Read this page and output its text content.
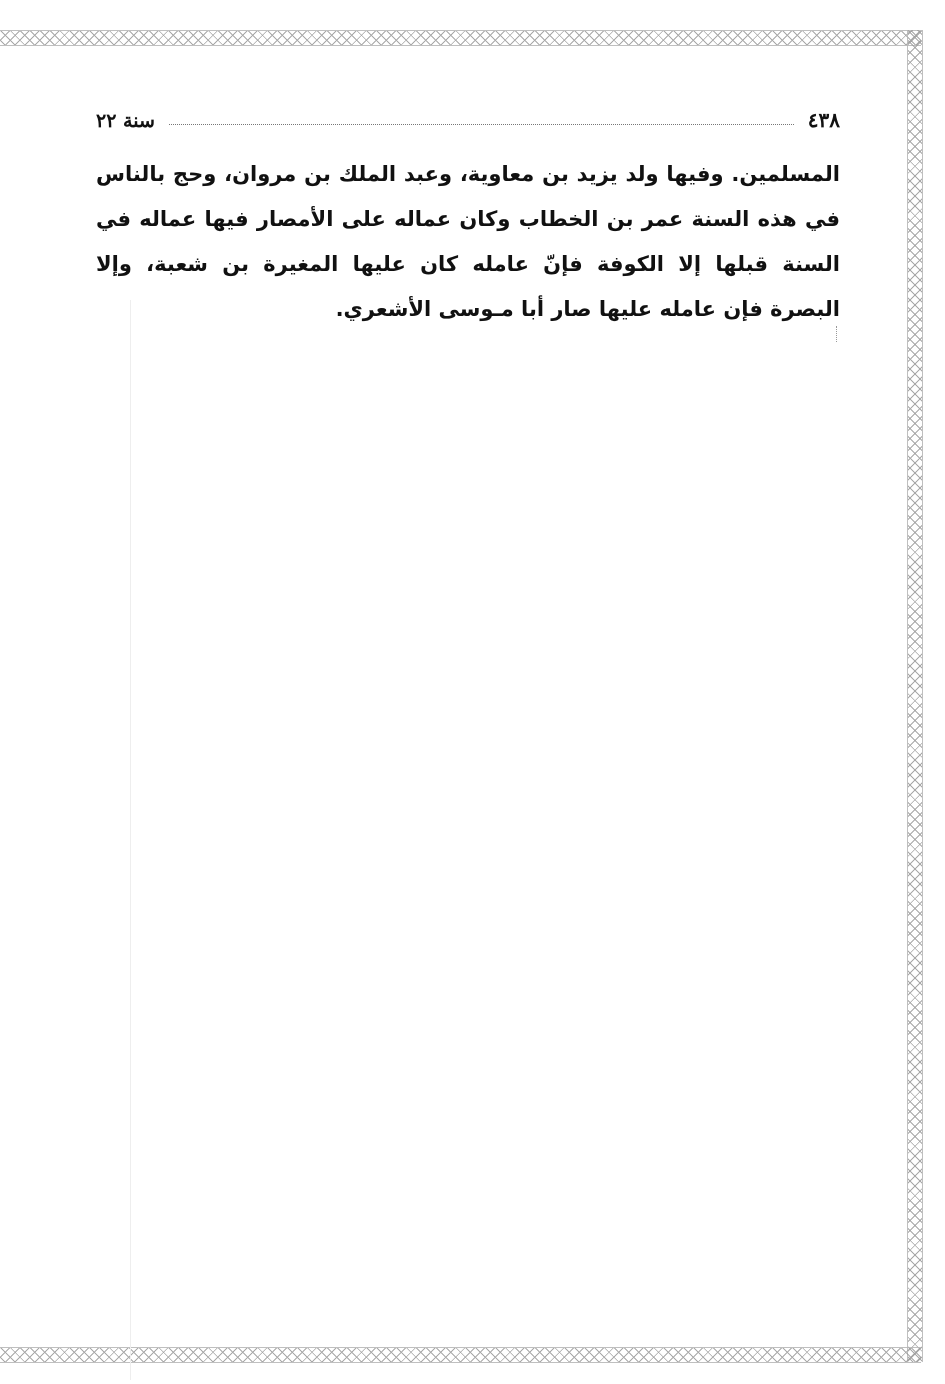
٤٣٨
سنة ٢٢

المسلمين. وفيها ولد يزيد بن معاوية، وعبد الملك بن مروان، وحج بالناس في هذه السنة عمر بن الخطاب وكان عماله على الأمصار فيها عماله في السنة قبلها إلا الكوفة فإنّ عامله كان عليها المغيرة بن شعبة، وإلا البصرة فإن عامله عليها صار أبا مـوسى الأشعري.
